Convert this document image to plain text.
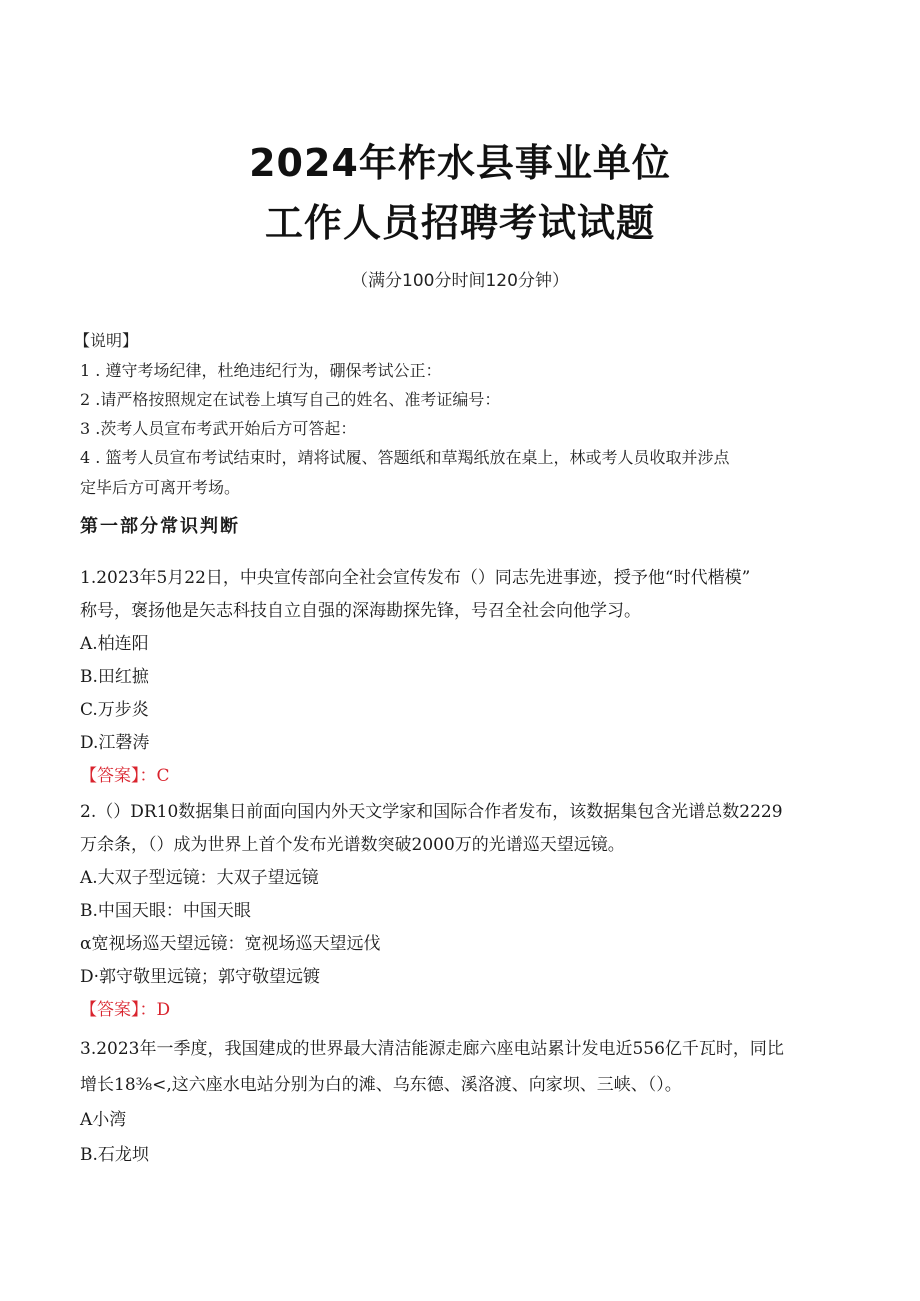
2024年柞水县事业单位
工作人员招聘考试试题
（满分100分时间120分钟）
【说明】
1 . 遵守考场纪律，杜绝违纪行为，硼保考试公正：
2 .请严格按照规定在试卷上填写自己的姓名、准考证编号：
3 .茨考人员宣布考武开始后方可答起：
4 . 篮考人员宣布考试结束时，靖将试履、答题纸和草羯纸放在桌上，林或考人员收取并涉点
定毕后方可离开考场。
第一部分常识判断
1.2023年5月22日，中央宣传部向全社会宣传发布（）同志先进事迹，授予他“时代楷模”
称号，褒扬他是矢志科技自立自强的深海勘探先锋，号召全社会向他学习。
A.柏连阳
B.田红摭
C.万步炎
D.江磬涛
【答案】：C
2.（）DR10数据集日前面向国内外天文学家和国际合作者发布，该数据集包含光谱总数2229
万余条，（）成为世界上首个发布光谱数突破2000万的光谱巡天望远镜。
A.大双子型远镜：大双子望远镜
B.中国天眼：中国天眼
α宽视场巡天望远镜：宽视场巡天望远伐
D·郭守敬里远镜；郭守敬望远镀
【答案】：D
3.2023年一季度，我国建成的世界最大清洁能源走廊六座电站累计发电近556亿千瓦时，同比
增长18⅜<,这六座水电站分别为白的滩、乌东德、溪洛渡、向家坝、三峡、（）。
A小湾
B.石龙坝
